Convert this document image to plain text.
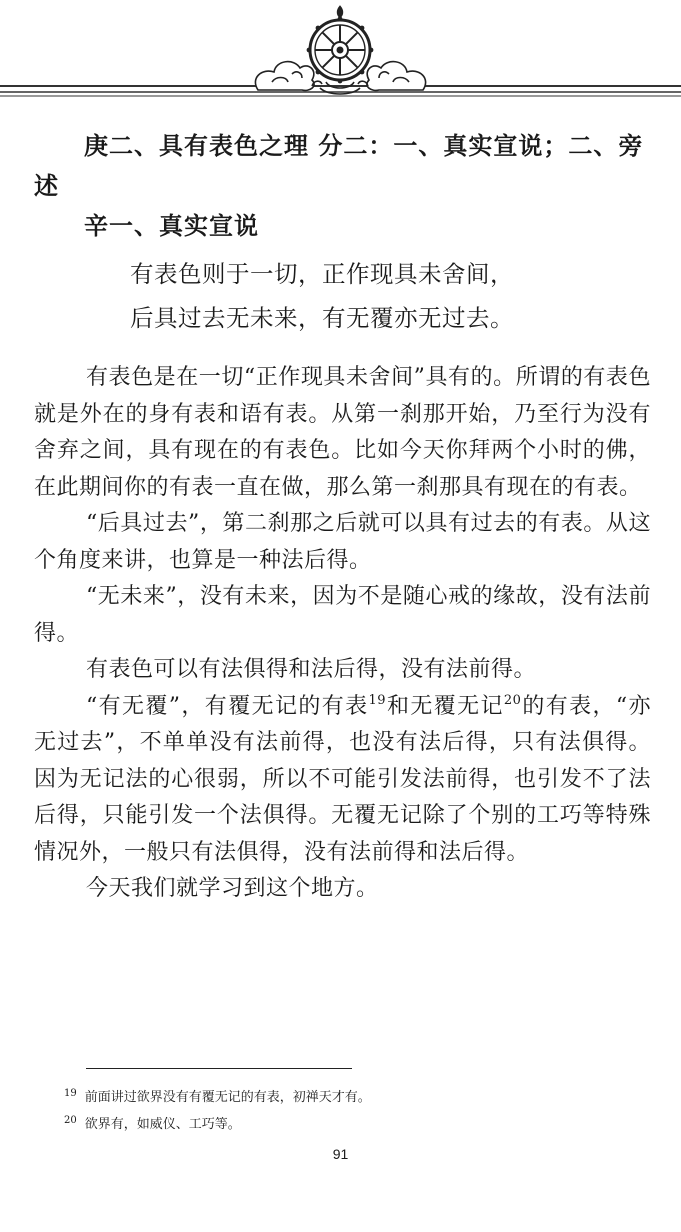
庚二、具有表色之理 分二：一、真实宣说；二、旁述

辛一、真实宣说

有表色则于一切，正作现具未舍间，

后具过去无未来，有无覆亦无过去。

有表色是在一切“正作现具未舍间”具有的。所谓的有表色就是外在的身有表和语有表。从第一刹那开始，乃至行为没有舍弃之间，具有现在的有表色。比如今天你拜两个小时的佛，在此期间你的有表一直在做，那么第一刹那具有现在的有表。

“后具过去”，第二刹那之后就可以具有过去的有表。从这个角度来讲，也算是一种法后得。

“无未来”，没有未来，因为不是随心戒的缘故，没有法前得。

有表色可以有法俱得和法后得，没有法前得。

“有无覆”，有覆无记的有表$^{19}$和无覆无记$^{20}$的有表，“亦无过去”，不单单没有法前得，也没有法后得，只有法俱得。因为无记法的心很弱，所以不可能引发法前得，也引发不了法后得，只能引发一个法俱得。无覆无记除了个别的工巧等特殊情况外，一般只有法俱得，没有法前得和法后得。

今天我们就学习到这个地方。

$^{19}$ 前面讲过欲界没有有覆无记的有表，初禅天才有。
$^{20}$ 欲界有，如威仪、工巧等。
91
